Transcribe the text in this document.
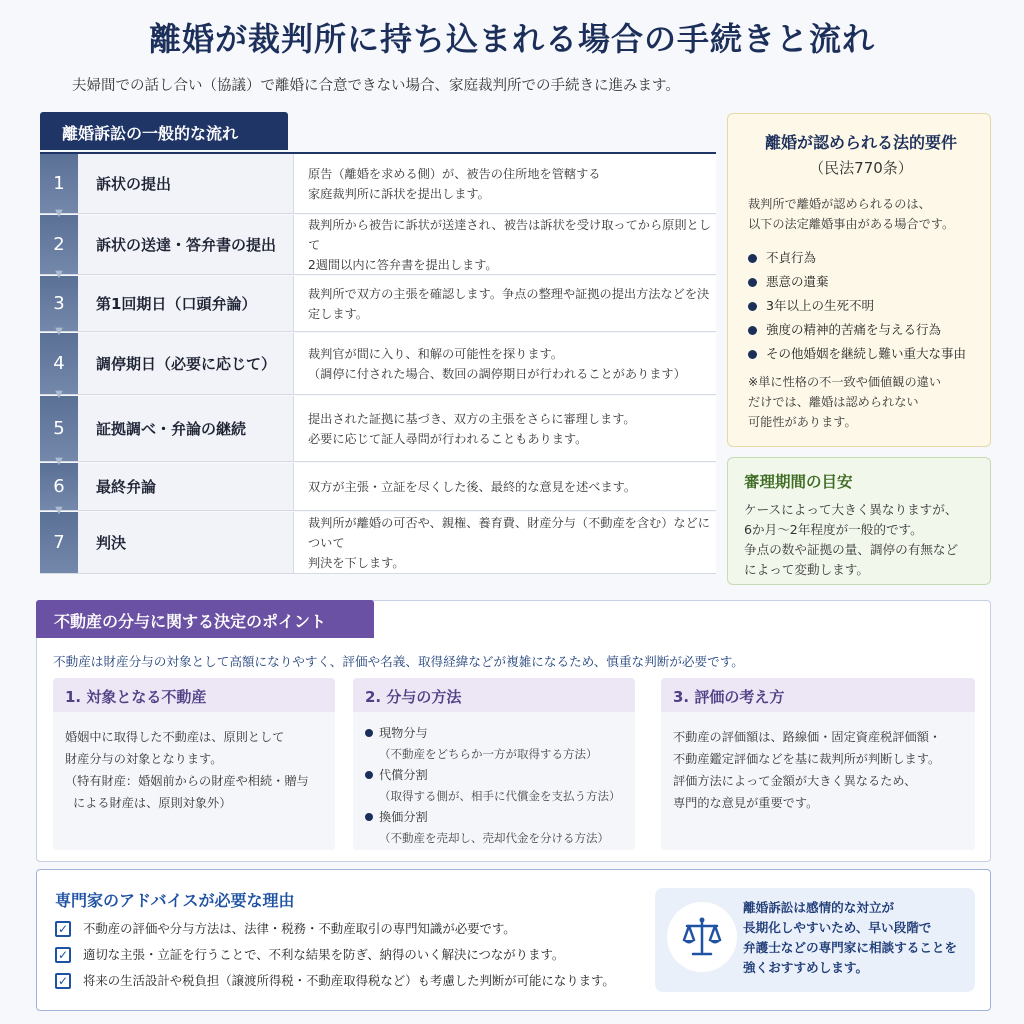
離婚が裁判所に持ち込まれる場合の手続きと流れ
夫婦間での話し合い（協議）で離婚に合意できない場合、家庭裁判所での手続きに進みます。
離婚訴訟の一般的な流れ
1	訴状の提出
原告（離婚を求める側）が、被告の住所地を管轄する
家庭裁判所に訴状を提出します。
▼
2	訴状の送達・答弁書の提出
裁判所から被告に訴状が送達され、被告は訴状を受け取ってから原則として
2週間以内に答弁書を提出します。
▼
3	第1回期日（口頭弁論）
裁判所で双方の主張を確認します。争点の整理や証拠の提出方法などを決定します。
▼
4	調停期日（必要に応じて）
裁判官が間に入り、和解の可能性を探ります。
（調停に付された場合、数回の調停期日が行われることがあります）
▼
5	証拠調べ・弁論の継続
提出された証拠に基づき、双方の主張をさらに審理します。
必要に応じて証人尋問が行われることもあります。
▼
6	最終弁論	双方が主張・立証を尽くした後、最終的な意見を述べます。
▼
7	判決
裁判所が離婚の可否や、親権、養育費、財産分与（不動産を含む）などについて
判決を下します。
離婚が認められる法的要件
（民法770条）
裁判所で離婚が認められるのは、
以下の法定離婚事由がある場合です。
不貞行為
悪意の遺棄
3年以上の生死不明
強度の精神的苦痛を与える行為
その他婚姻を継続し難い重大な事由
※単に性格の不一致や価値観の違い
だけでは、離婚は認められない
可能性があります。
審理期間の目安
ケースによって大きく異なりますが、
6か月〜2年程度が一般的です。
争点の数や証拠の量、調停の有無など
によって変動します。
不動産の分与に関する決定のポイント
不動産は財産分与の対象として高額になりやすく、評価や名義、取得経緯などが複雑になるため、慎重な判断が必要です。
1. 対象となる不動産
婚姻中に取得した不動産は、原則として
財産分与の対象となります。
（特有財産：婚姻前からの財産や相続・贈与
による財産は、原則対象外）
2. 分与の方法
現物分与
（不動産をどちらか一方が取得する方法）
代償分割
（取得する側が、相手に代償金を支払う方法）
換価分割
（不動産を売却し、売却代金を分ける方法）
3. 評価の考え方
不動産の評価額は、路線価・固定資産税評価額・
不動産鑑定評価などを基に裁判所が判断します。
評価方法によって金額が大きく異なるため、
専門的な意見が重要です。
専門家のアドバイスが必要な理由
✓ 不動産の評価や分与方法は、法律・税務・不動産取引の専門知識が必要です。
✓ 適切な主張・立証を行うことで、不利な結果を防ぎ、納得のいく解決につながります。
✓ 将来の生活設計や税負担（譲渡所得税・不動産取得税など）も考慮した判断が可能になります。
離婚訴訟は感情的な対立が
長期化しやすいため、早い段階で
弁護士などの専門家に相談することを
強くおすすめします。
